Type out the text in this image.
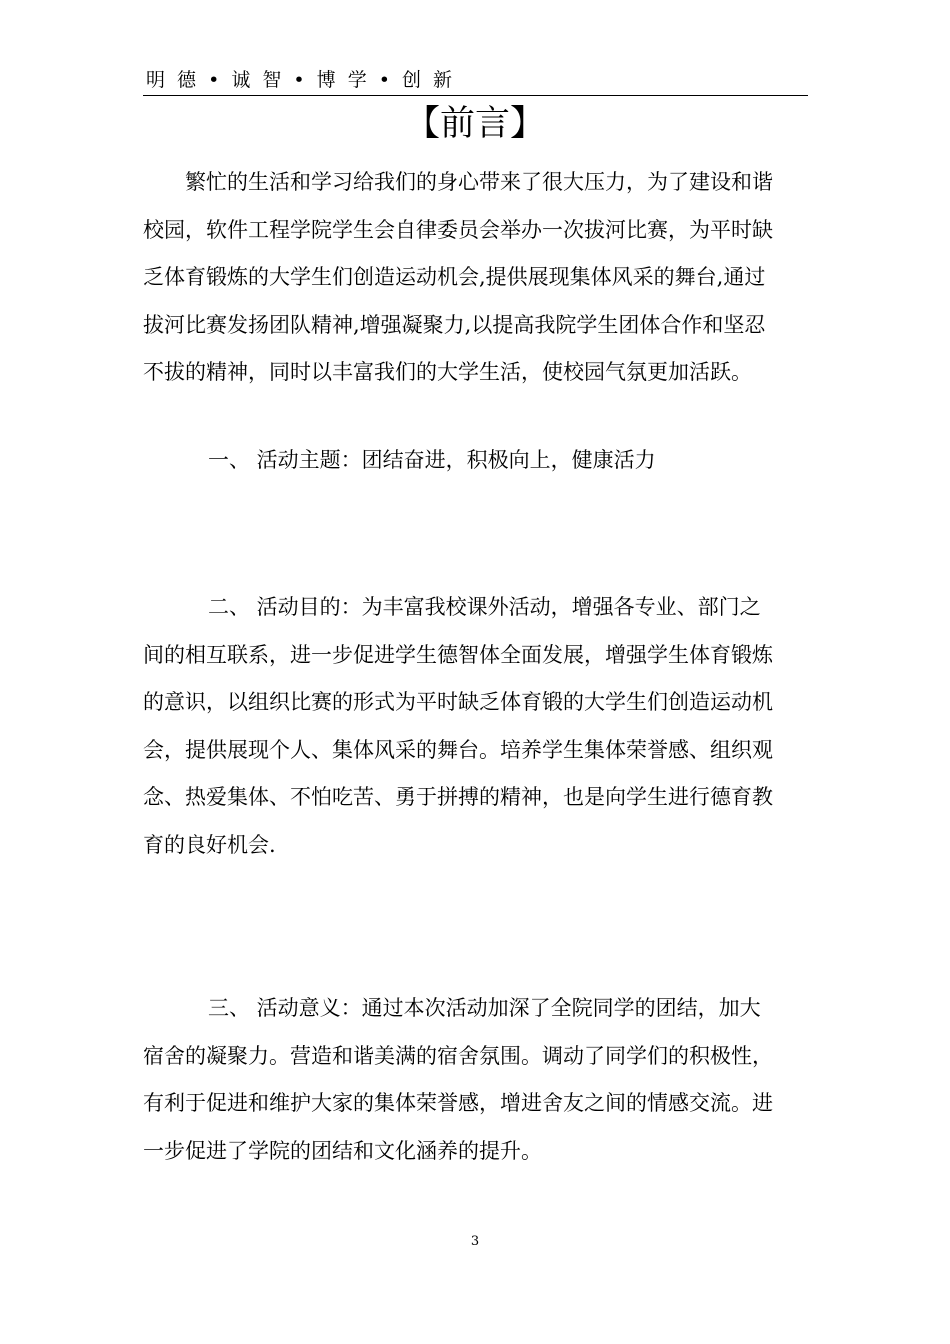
明 德 • 诚 智 • 博 学 • 创 新
【前言】
繁忙的生活和学习给我们的身心带来了很大压力，为了建设和谐
校园，软件工程学院学生会自律委员会举办一次拔河比赛，为平时缺
乏体育锻炼的大学生们创造运动机会,提供展现集体风采的舞台,通过
拔河比赛发扬团队精神,增强凝聚力,以提高我院学生团体合作和坚忍
不拔的精神，同时以丰富我们的大学生活，使校园气氛更加活跃。
一、 活动主题：团结奋进，积极向上，健康活力
二、 活动目的：为丰富我校课外活动，增强各专业、部门之
间的相互联系，进一步促进学生德智体全面发展，增强学生体育锻炼
的意识，以组织比赛的形式为平时缺乏体育锻的大学生们创造运动机
会，提供展现个人、集体风采的舞台。培养学生集体荣誉感、组织观
念、热爱集体、不怕吃苦、勇于拼搏的精神，也是向学生进行德育教
育的良好机会.
三、 活动意义：通过本次活动加深了全院同学的团结，加大
宿舍的凝聚力。营造和谐美满的宿舍氛围。调动了同学们的积极性，
有利于促进和维护大家的集体荣誉感，增进舍友之间的情感交流。进
一步促进了学院的团结和文化涵养的提升。
3
